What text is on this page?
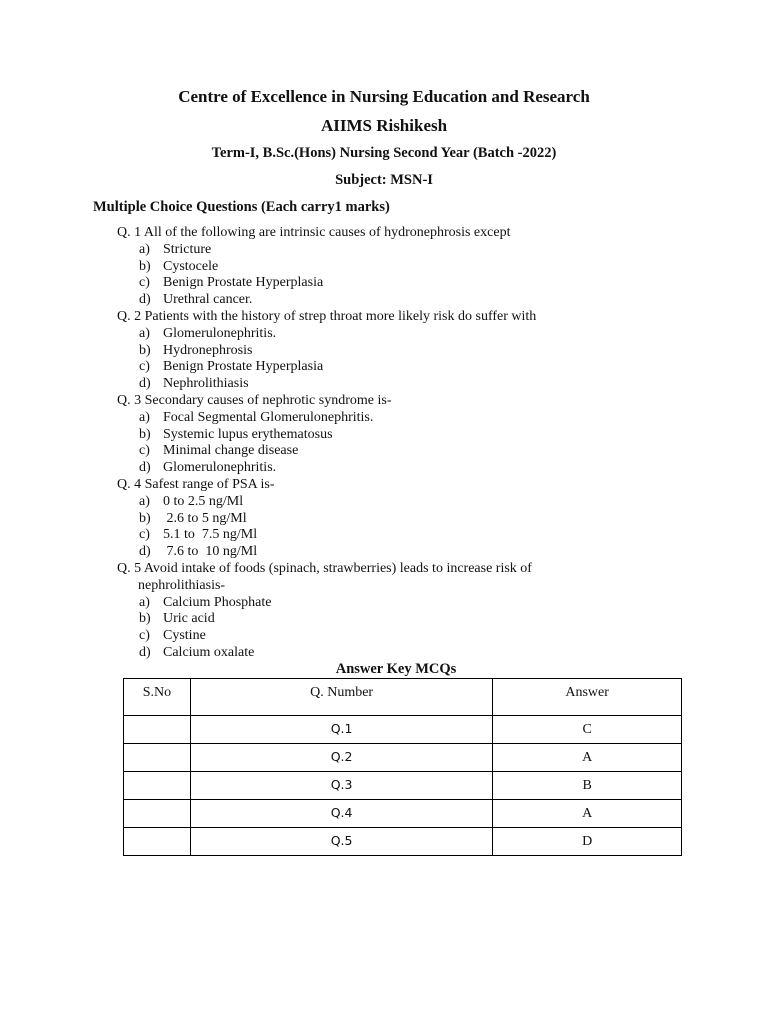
Centre of Excellence in Nursing Education and Research
AIIMS Rishikesh
Term-I, B.Sc.(Hons) Nursing Second Year (Batch -2022)
Subject: MSN-I
Multiple Choice Questions (Each carry1 marks)
Q. 1 All of the following are intrinsic causes of hydronephrosis except
a) Stricture
b) Cystocele
c) Benign Prostate Hyperplasia
d) Urethral cancer.
Q. 2 Patients with the history of strep throat more likely risk do suffer with
a) Glomerulonephritis.
b) Hydronephrosis
c) Benign Prostate Hyperplasia
d) Nephrolithiasis
Q. 3 Secondary causes of nephrotic syndrome is-
a) Focal Segmental Glomerulonephritis.
b) Systemic lupus erythematosus
c) Minimal change disease
d) Glomerulonephritis.
Q. 4 Safest range of PSA is-
a) 0 to 2.5 ng/Ml
b) 2.6 to 5 ng/Ml
c) 5.1 to  7.5 ng/Ml
d) 7.6 to  10 ng/Ml
Q. 5 Avoid intake of foods (spinach, strawberries) leads to increase risk of
nephrolithiasis-
a) Calcium Phosphate
b) Uric acid
c) Cystine
d) Calcium oxalate
Answer Key MCQs
S.No	Q. Number	Answer
	Q.1	C
	Q.2	A
	Q.3	B
	Q.4	A
	Q.5	D
